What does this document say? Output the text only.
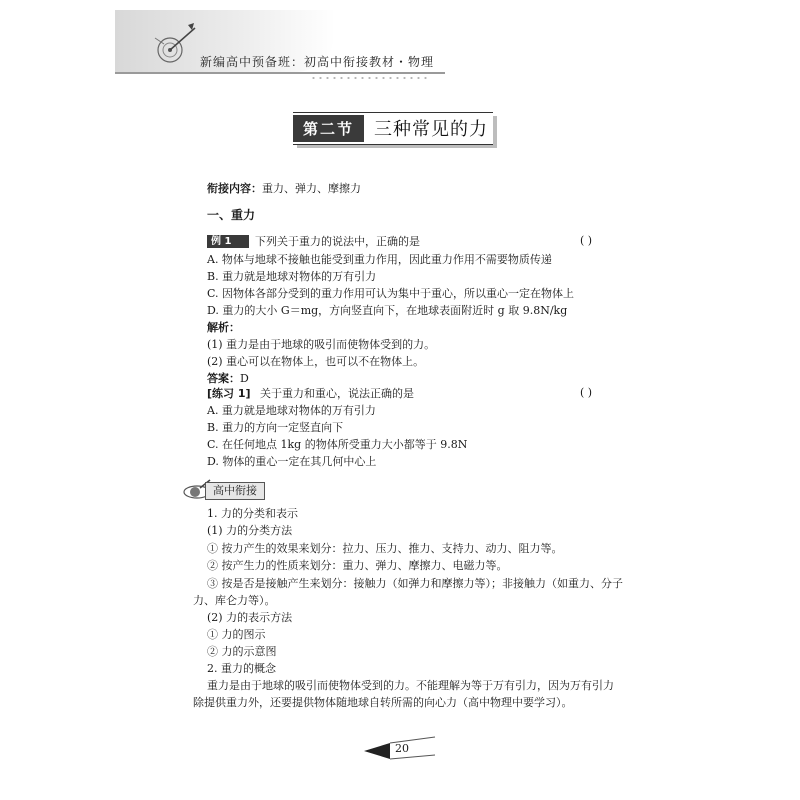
新编高中预备班：初高中衔接教材・物理
第二节	三种常见的力
衔接内容：重力、弹力、摩擦力
一、重力
例 1	下列关于重力的说法中，正确的是	( )
A. 物体与地球不接触也能受到重力作用，因此重力作用不需要物质传递
B. 重力就是地球对物体的万有引力
C. 因物体各部分受到的重力作用可认为集中于重心，所以重心一定在物体上
D. 重力的大小 G＝mg，方向竖直向下，在地球表面附近时 g 取 9.8N/kg
解析：
(1) 重力是由于地球的吸引而使物体受到的力。
(2) 重心可以在物体上，也可以不在物体上。
答案：D
[练习 1] 关于重力和重心，说法正确的是	( )
A. 重力就是地球对物体的万有引力
B. 重力的方向一定竖直向下
C. 在任何地点 1kg 的物体所受重力大小都等于 9.8N
D. 物体的重心一定在其几何中心上
高中衔接
1. 力的分类和表示
(1) 力的分类方法
① 按力产生的效果来划分：拉力、压力、推力、支持力、动力、阻力等。
② 按产生力的性质来划分：重力、弹力、摩擦力、电磁力等。
③ 按是否是接触产生来划分：接触力（如弹力和摩擦力等）；非接触力（如重力、分子
力、库仑力等）。
(2) 力的表示方法
① 力的图示
② 力的示意图
2. 重力的概念
重力是由于地球的吸引而使物体受到的力。不能理解为等于万有引力，因为万有引力
除提供重力外，还要提供物体随地球自转所需的向心力（高中物理中要学习）。
20
